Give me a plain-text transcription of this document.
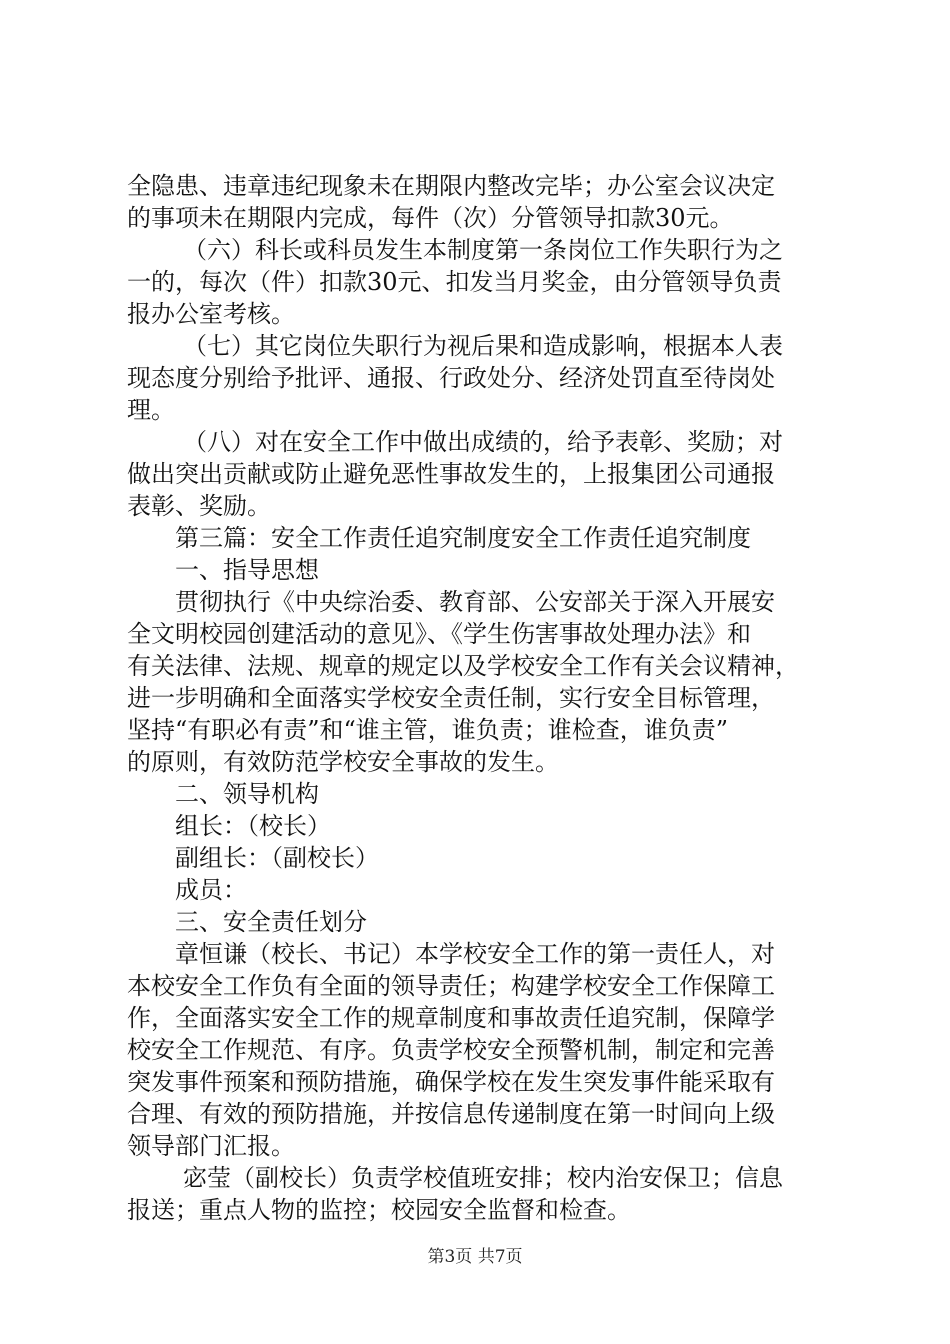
全隐患、违章违纪现象未在期限内整改完毕；办公室会议决定
的事项未在期限内完成，每件（次）分管领导扣款30元。
（六）科长或科员发生本制度第一条岗位工作失职行为之
一的，每次（件）扣款30元、扣发当月奖金，由分管领导负责
报办公室考核。
（七）其它岗位失职行为视后果和造成影响，根据本人表
现态度分别给予批评、通报、行政处分、经济处罚直至待岗处
理。
（八）对在安全工作中做出成绩的，给予表彰、奖励；对
做出突出贡献或防止避免恶性事故发生的，上报集团公司通报
表彰、奖励。
第三篇：安全工作责任追究制度安全工作责任追究制度
一、指导思想
贯彻执行《中央综治委、教育部、公安部关于深入开展安
全文明校园创建活动的意见》、《学生伤害事故处理办法》和
有关法律、法规、规章的规定以及学校安全工作有关会议精神，
进一步明确和全面落实学校安全责任制，实行安全目标管理，
坚持“有职必有责”和“谁主管，谁负责；谁检查，谁负责”
的原则，有效防范学校安全事故的发生。
二、领导机构
组长：（校长）
副组长：（副校长）
成员：
三、安全责任划分
章恒谦（校长、书记）本学校安全工作的第一责任人，对
本校安全工作负有全面的领导责任；构建学校安全工作保障工
作，全面落实安全工作的规章制度和事故责任追究制，保障学
校安全工作规范、有序。负责学校安全预警机制，制定和完善
突发事件预案和预防措施，确保学校在发生突发事件能采取有
合理、有效的预防措施，并按信息传递制度在第一时间向上级
领导部门汇报。
宓莹（副校长）负责学校值班安排；校内治安保卫；信息
报送；重点人物的监控；校园安全监督和检查。
第3页 共7页
